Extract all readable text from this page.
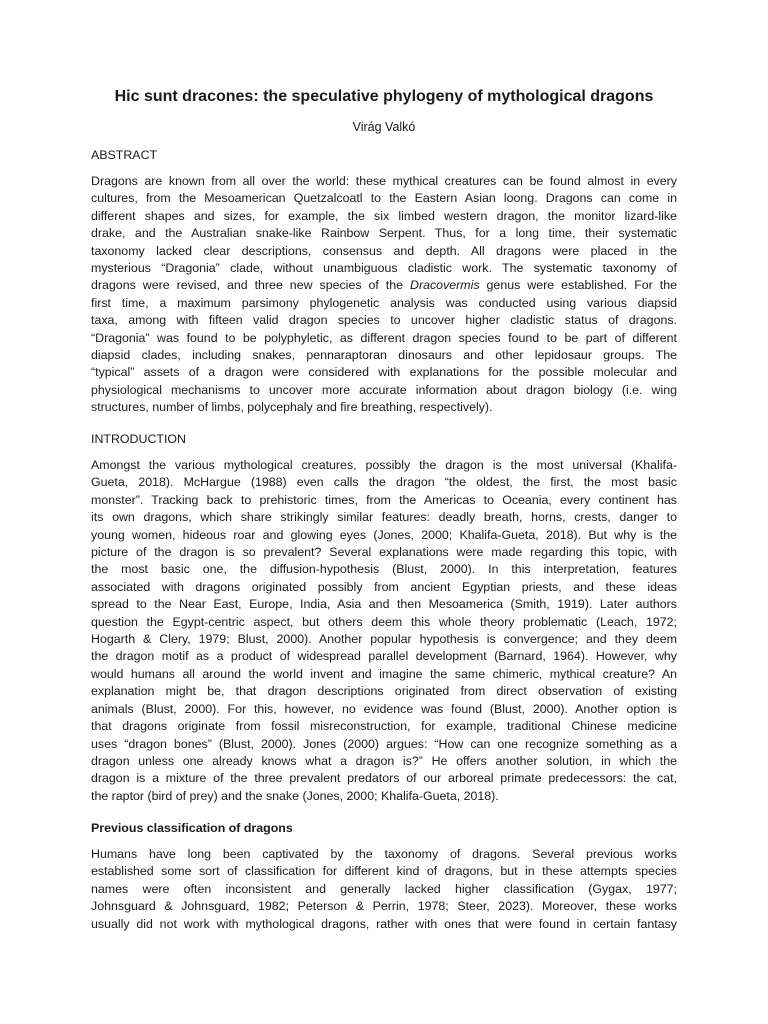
Hic sunt dracones: the speculative phylogeny of mythological dragons

Virág Valkó

ABSTRACT

Dragons are known from all over the world: these mythical creatures can be found almost in every
cultures, from the Mesoamerican Quetzalcoatl to the Eastern Asian loong. Dragons can come in
different shapes and sizes, for example, the six limbed western dragon, the monitor lizard-like
drake, and the Australian snake-like Rainbow Serpent. Thus, for a long time, their systematic
taxonomy lacked clear descriptions, consensus and depth. All dragons were placed in the
mysterious “Dragonia” clade, without unambiguous cladistic work. The systematic taxonomy of
dragons were revised, and three new species of the Dracovermis genus were established. For the
first time, a maximum parsimony phylogenetic analysis was conducted using various diapsid
taxa, among with fifteen valid dragon species to uncover higher cladistic status of dragons.
“Dragonia” was found to be polyphyletic, as different dragon species found to be part of different
diapsid clades, including snakes, pennaraptoran dinosaurs and other lepidosaur groups. The
“typical” assets of a dragon were considered with explanations for the possible molecular and
physiological mechanisms to uncover more accurate information about dragon biology (i.e. wing
structures, number of limbs, polycephaly and fire breathing, respectively).

INTRODUCTION

Amongst the various mythological creatures, possibly the dragon is the most universal (Khalifa-
Gueta, 2018). McHargue (1988) even calls the dragon “the oldest, the first, the most basic
monster”. Tracking back to prehistoric times, from the Americas to Oceania, every continent has
its own dragons, which share strikingly similar features: deadly breath, horns, crests, danger to
young women, hideous roar and glowing eyes (Jones, 2000; Khalifa-Gueta, 2018). But why is the
picture of the dragon is so prevalent? Several explanations were made regarding this topic, with
the most basic one, the diffusion-hypothesis (Blust, 2000). In this interpretation, features
associated with dragons originated possibly from ancient Egyptian priests, and these ideas
spread to the Near East, Europe, India, Asia and then Mesoamerica (Smith, 1919). Later authors
question the Egypt-centric aspect, but others deem this whole theory problematic (Leach, 1972;
Hogarth & Clery, 1979; Blust, 2000). Another popular hypothesis is convergence; and they deem
the dragon motif as a product of widespread parallel development (Barnard, 1964). However, why
would humans all around the world invent and imagine the same chimeric, mythical creature? An
explanation might be, that dragon descriptions originated from direct observation of existing
animals (Blust, 2000). For this, however, no evidence was found (Blust, 2000). Another option is
that dragons originate from fossil misreconstruction, for example, traditional Chinese medicine
uses “dragon bones” (Blust, 2000). Jones (2000) argues: “How can one recognize something as a
dragon unless one already knows what a dragon is?” He offers another solution, in which the
dragon is a mixture of the three prevalent predators of our arboreal primate predecessors: the cat,
the raptor (bird of prey) and the snake (Jones, 2000; Khalifa-Gueta, 2018).

Previous classification of dragons

Humans have long been captivated by the taxonomy of dragons. Several previous works
established some sort of classification for different kind of dragons, but in these attempts species
names were often inconsistent and generally lacked higher classification (Gygax, 1977;
Johnsguard & Johnsguard, 1982; Peterson & Perrin, 1978; Steer, 2023). Moreover, these works
usually did not work with mythological dragons, rather with ones that were found in certain fantasy
